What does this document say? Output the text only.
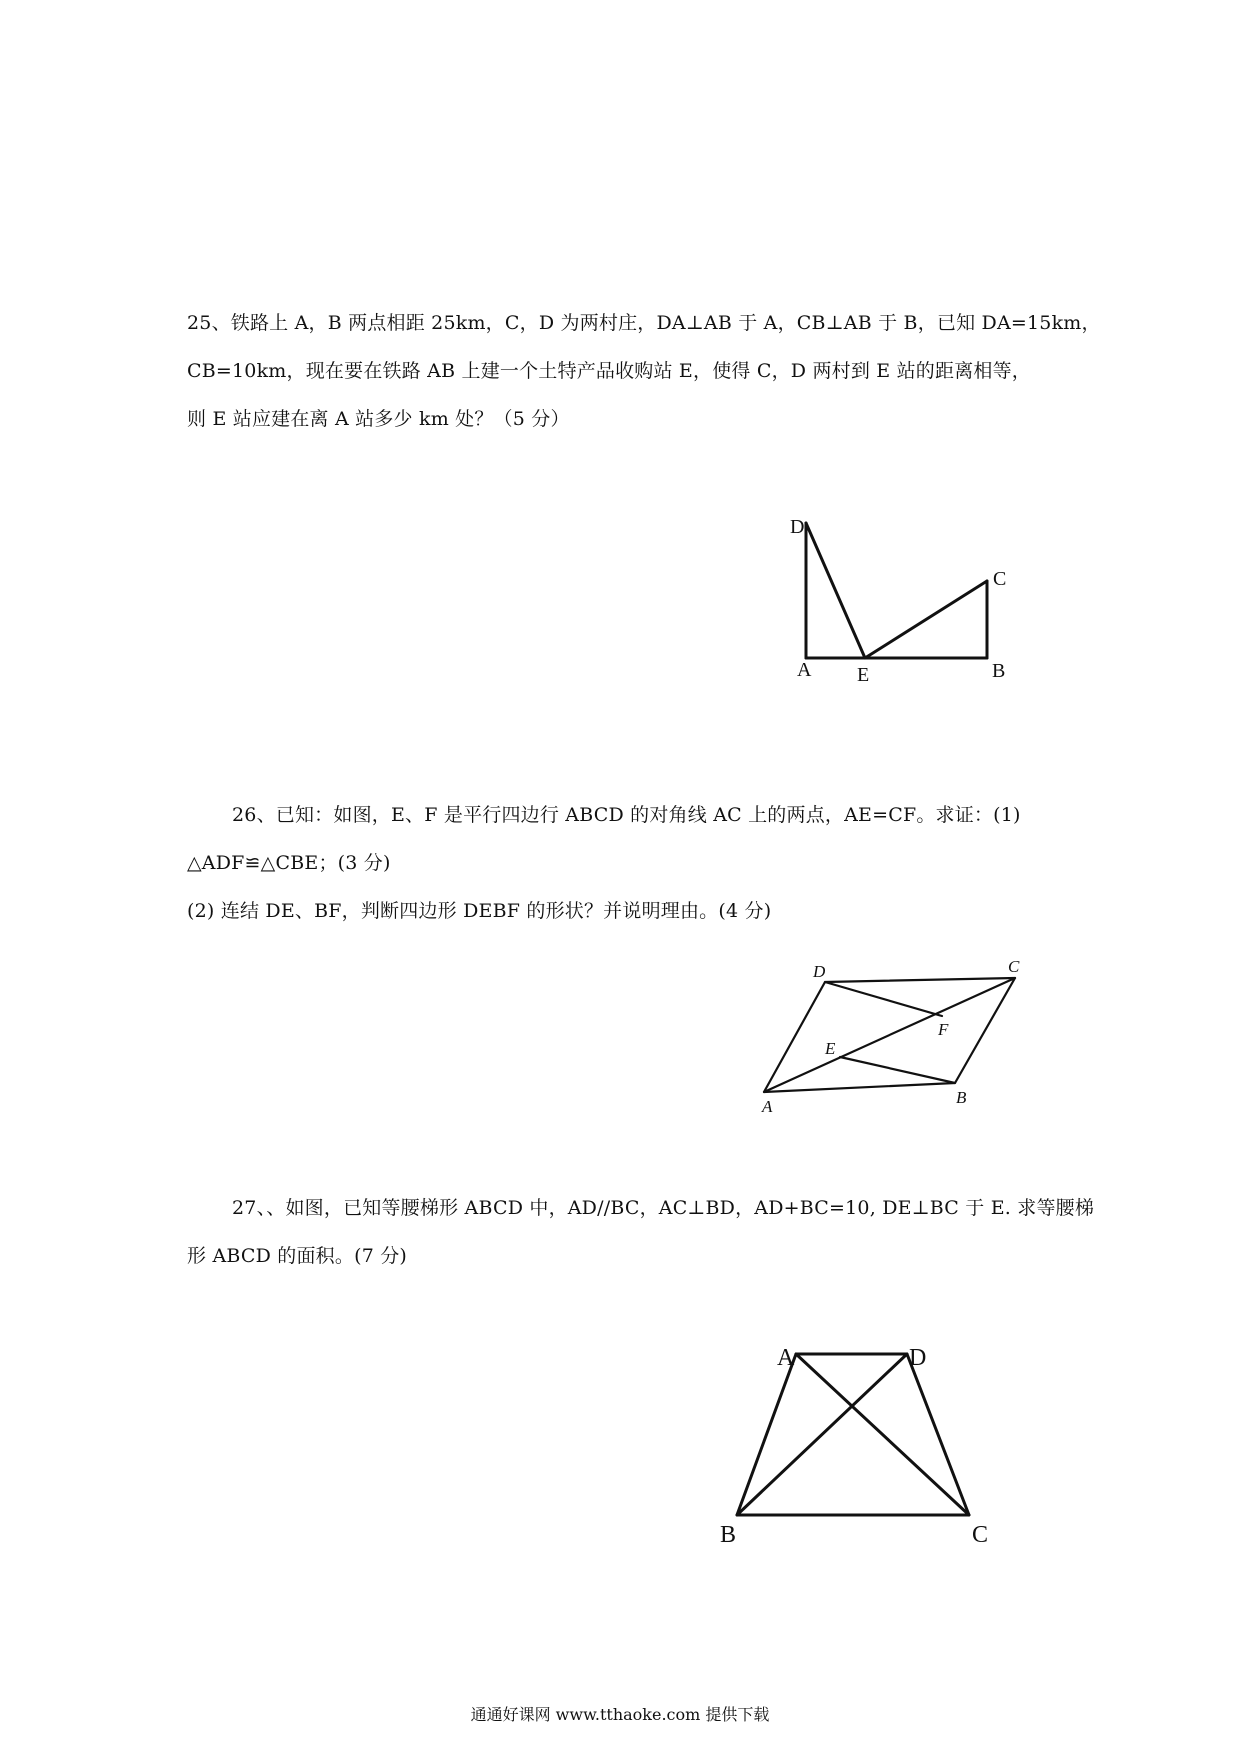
25、铁路上 A，B 两点相距 25km，C，D 为两村庄，DA⊥AB 于 A，CB⊥AB 于 B，已知 DA=15km，
CB=10km，现在要在铁路 AB 上建一个土特产品收购站 E，使得 C，D 两村到 E 站的距离相等，
则 E 站应建在离 A 站多少 km 处？（5 分）
D
C
A E	B
26、已知：如图，E、F 是平行四边行 ABCD 的对角线 AC 上的两点，AE=CF。求证：(1)
△ADF≌△CBE；(3 分)
(2) 连结 DE、BF，判断四边形 DEBF 的形状？并说明理由。(4 分)
D	C
F
E
A	B
27、、如图，已知等腰梯形 ABCD 中，AD//BC，AC⊥BD，AD+BC=10, DE⊥BC 于 E. 求等腰梯
形 ABCD 的面积。(7 分)
A	D
B	C
通通好课网 www.tthaoke.com 提供下载
